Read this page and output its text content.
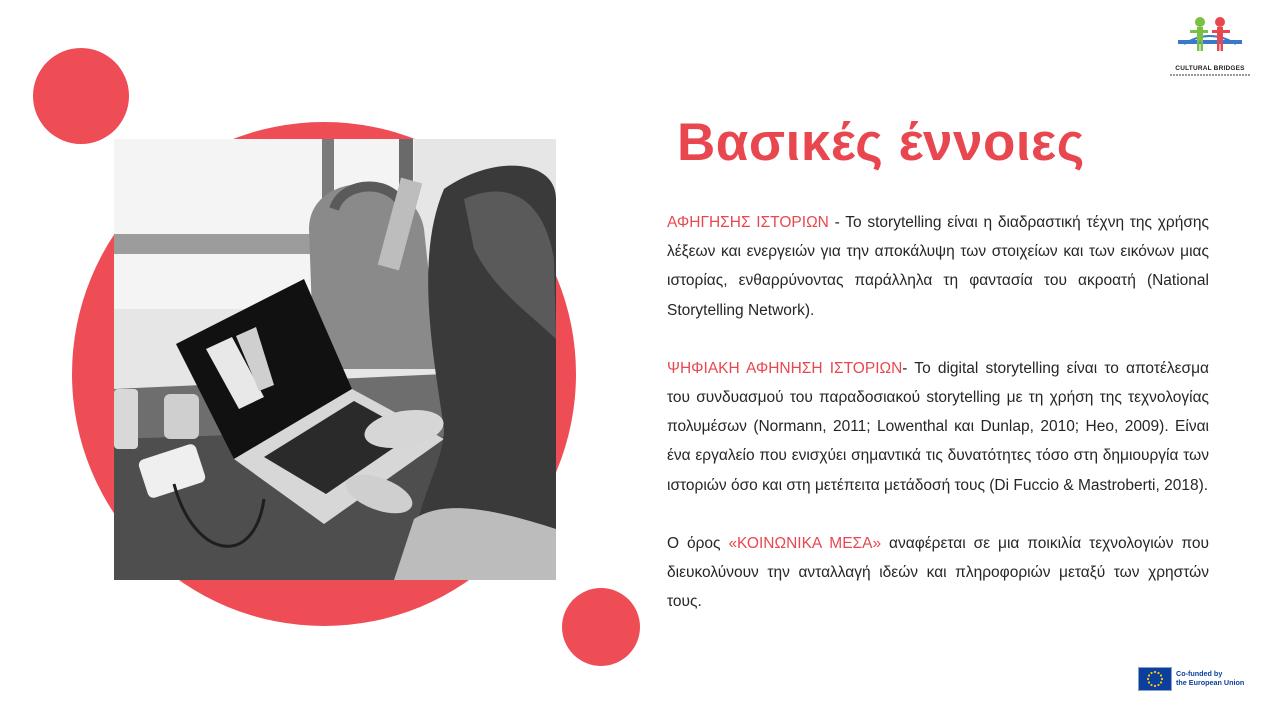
Βασικές έννοιες

ΑΦΗΓΗΣΗΣ ΙΣΤΟΡΙΩΝ - Το storytelling είναι η διαδραστική τέχνη της χρήσης λέξεων και ενεργειών για την αποκάλυψη των στοιχείων και των εικόνων μιας ιστορίας, ενθαρρύνοντας παράλληλα τη φαντασία του ακροατή (National Storytelling Network).

ΨΗΦΙΑΚΗ ΑΦΗΝΗΣΗ ΙΣΤΟΡΙΩΝ- Το digital storytelling είναι το αποτέλεσμα του συνδυασμού του παραδοσιακού storytelling με τη χρήση της τεχνολογίας πολυμέσων (Normann, 2011; Lowenthal και Dunlap, 2010; Heo, 2009). Είναι ένα εργαλείο που ενισχύει σημαντικά τις δυνατότητες τόσο στη δημιουργία των ιστοριών όσο και στη μετέπειτα μετάδοσή τους (Di Fuccio & Mastroberti, 2018).

Ο όρος «ΚΟΙΝΩΝΙΚΑ ΜΕΣΑ» αναφέρεται σε μια ποικιλία τεχνολογιών που διευκολύνουν την ανταλλαγή ιδεών και πληροφοριών μεταξύ των χρηστών τους.

CULTURAL BRIDGES
Co-funded by
the European Union
